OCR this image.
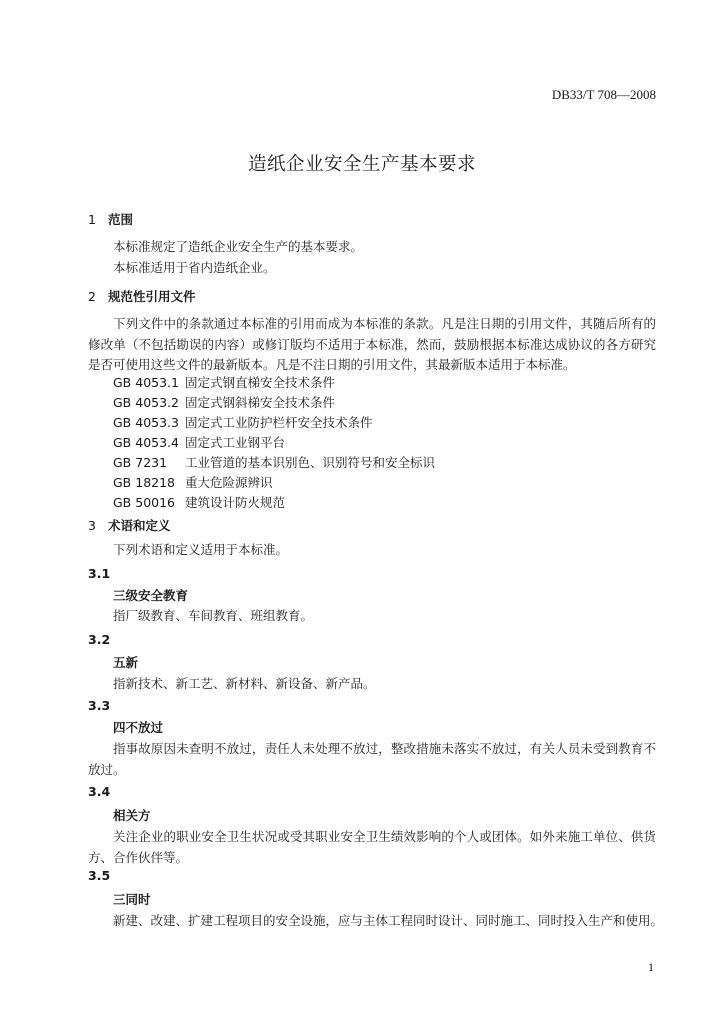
DB33/T 708—2008
造纸企业安全生产基本要求
1 范围
本标准规定了造纸企业安全生产的基本要求。
本标准适用于省内造纸企业。
2 规范性引用文件
下列文件中的条款通过本标准的引用而成为本标准的条款。凡是注日期的引用文件，其随后所有的修改单（不包括勘误的内容）或修订版均不适用于本标准，然而，鼓励根据本标准达成协议的各方研究是否可使用这些文件的最新版本。凡是不注日期的引用文件，其最新版本适用于本标准。
GB 4053.1 固定式钢直梯安全技术条件
GB 4053.2 固定式钢斜梯安全技术条件
GB 4053.3 固定式工业防护栏杆安全技术条件
GB 4053.4 固定式工业钢平台
GB 7231 工业管道的基本识别色、识别符号和安全标识
GB 18218 重大危险源辨识
GB 50016 建筑设计防火规范
3 术语和定义
下列术语和定义适用于本标准。
3.1
三级安全教育
指厂级教育、车间教育、班组教育。
3.2
五新
指新技术、新工艺、新材料、新设备、新产品。
3.3
四不放过
指事故原因未查明不放过，责任人未处理不放过，整改措施未落实不放过，有关人员未受到教育不放过。
3.4
相关方
关注企业的职业安全卫生状况或受其职业安全卫生绩效影响的个人或团体。如外来施工单位、供货方、合作伙伴等。
3.5
三同时
新建、改建、扩建工程项目的安全设施，应与主体工程同时设计、同时施工、同时投入生产和使用。
1
